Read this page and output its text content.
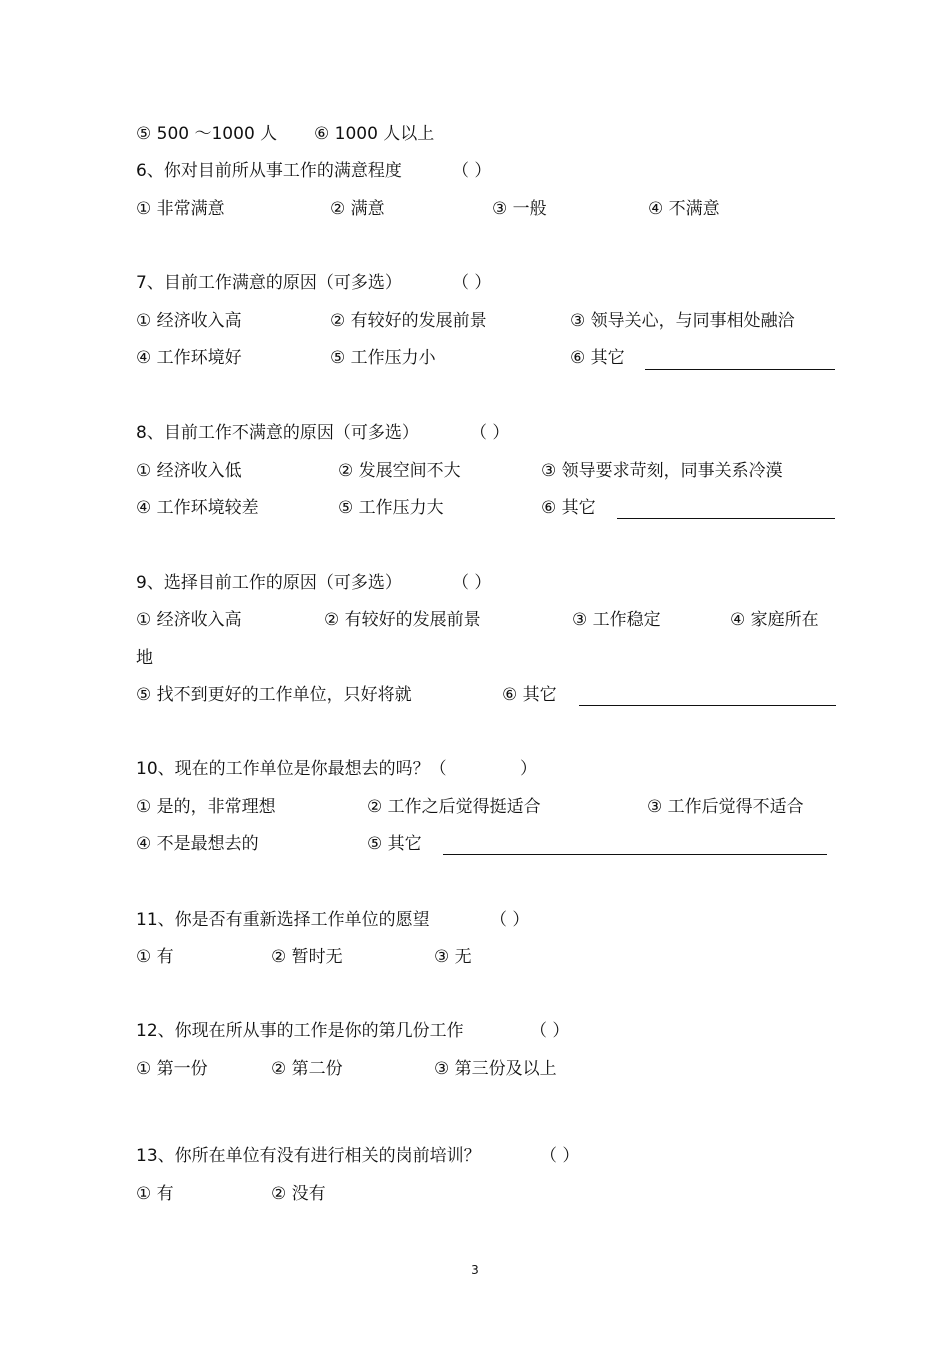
⑤ 500 ～1000 人 ⑥ 1000 人以上
6、你对目前所从事工作的满意程度	（ ）
① 非常满意	② 满意	③ 一般	④ 不满意
7、目前工作满意的原因（可多选）	（ ）
① 经济收入高	② 有较好的发展前景	③ 领导关心，与同事相处融洽
④ 工作环境好	⑤ 工作压力小	⑥ 其它
8、目前工作不满意的原因（可多选）	（ ）
① 经济收入低	② 发展空间不大	③ 领导要求苛刻，同事关系冷漠
④ 工作环境较差	⑤ 工作压力大	⑥ 其它
9、选择目前工作的原因（可多选）	（ ）
① 经济收入高	② 有较好的发展前景	③ 工作稳定	④ 家庭所在
地
⑤ 找不到更好的工作单位，只好将就	⑥ 其它
10、现在的工作单位是你最想去的吗？（	）
① 是的，非常理想	② 工作之后觉得挺适合	③ 工作后觉得不适合
④ 不是最想去的	⑤ 其它
11、你是否有重新选择工作单位的愿望	（ ）
① 有	② 暂时无	③ 无
12、你现在所从事的工作是你的第几份工作	（ ）
① 第一份	② 第二份	③ 第三份及以上
13、你所在单位有没有进行相关的岗前培训？	（ ）
① 有	② 没有
3
